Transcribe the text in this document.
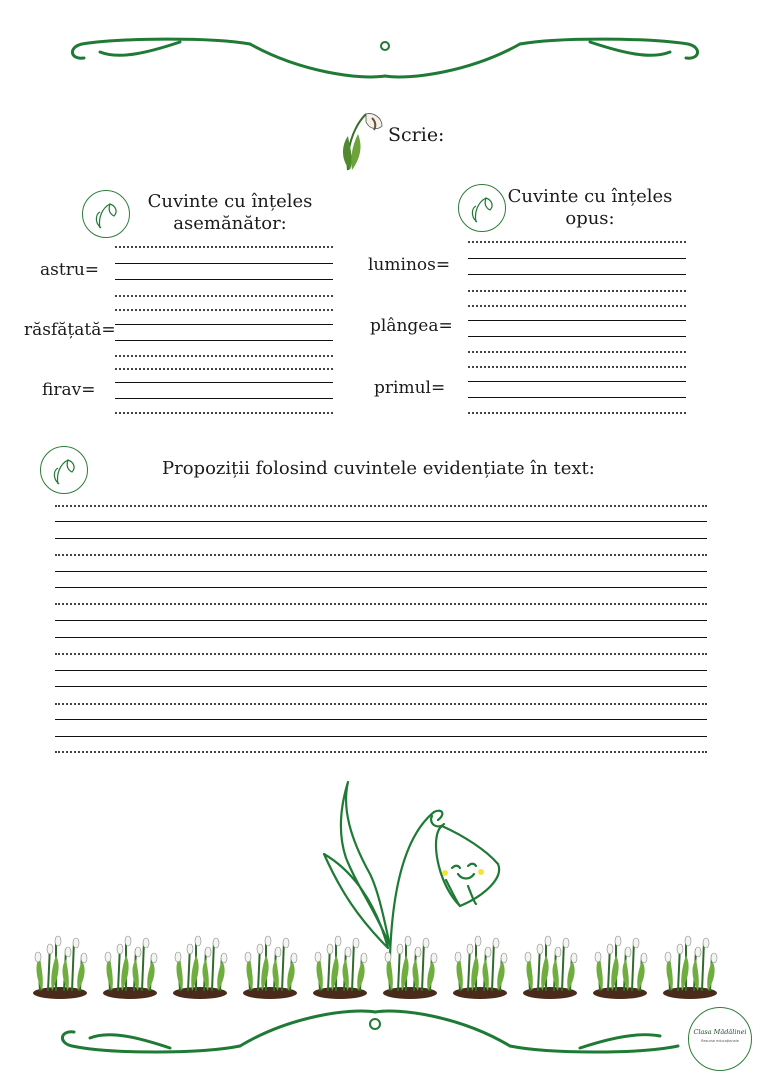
Scrie:
Cuvinte cu înțeles asemănător:
astru=
răsfățată=
firav=
Cuvinte cu înțeles opus:
luminos=
plângea=
primul=
Propoziții folosind cuvintele evidențiate în text:
Clasa Mădălinei
Resurse educaționale
